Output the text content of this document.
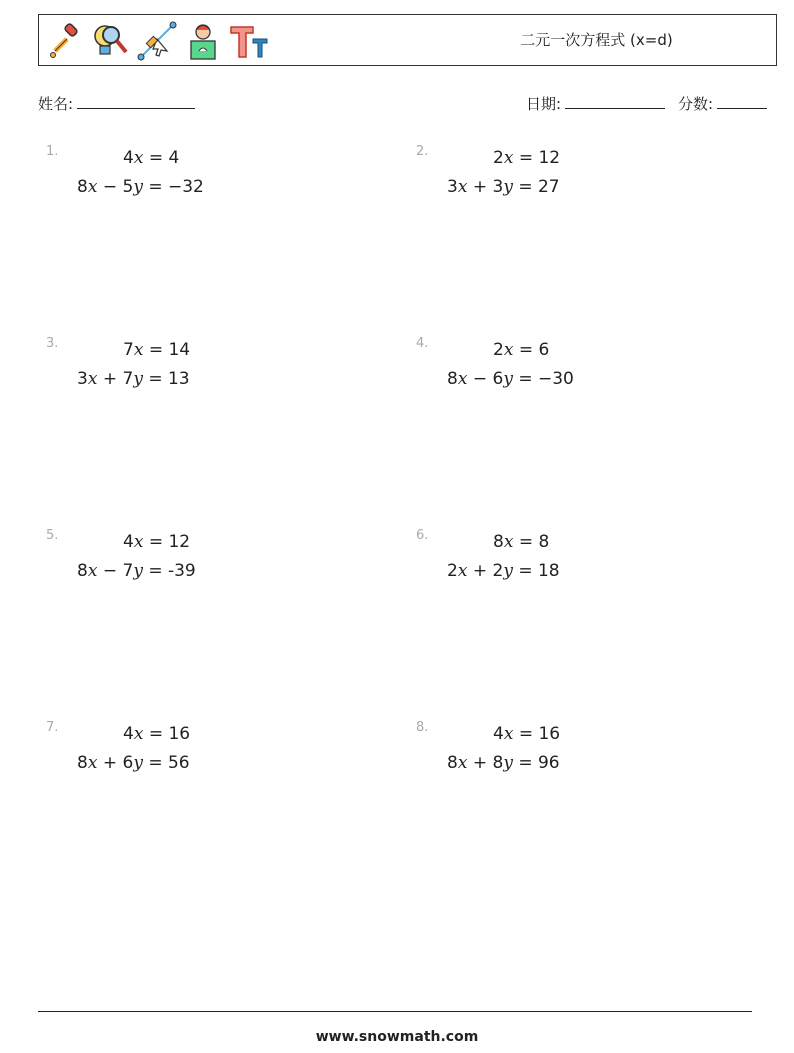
二元一次方程式 (x=d)
姓名:	日期:	分数:
1.	4x = 4
8x − 5y = −32
2.	2x = 12
3x + 3y = 27
3.	7x = 14
3x + 7y = 13
4.	2x = 6
8x − 6y = −30
5.	4x = 12
8x − 7y = -39
6.	8x = 8
2x + 2y = 18
7.	4x = 16
8x + 6y = 56
8.	4x = 16
8x + 8y = 96
www.snowmath.com
